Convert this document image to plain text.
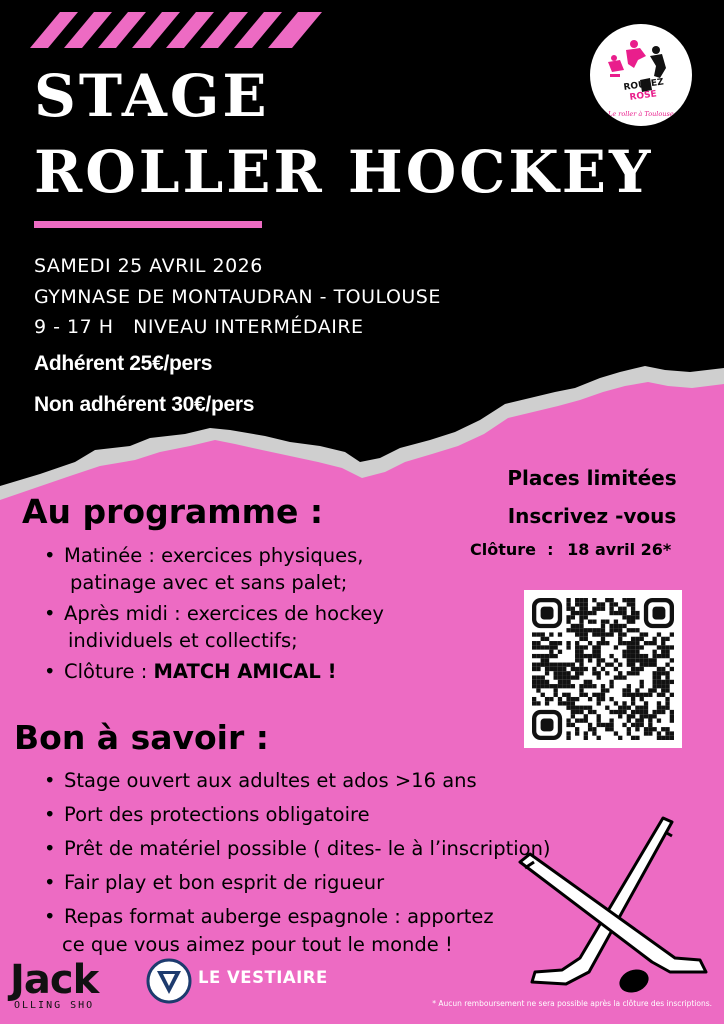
STAGE
ROLLER HOCKEY
ROULEZ
ROSE
Le roller à Toulouse
SAMEDI 25 AVRIL 2026
GYMNASE DE MONTAUDRAN - TOULOUSE
9 - 17 H   NIVEAU INTERMÉDAIRE
Adhérent 25€/pers
Non adhérent 30€/pers
Places limitées
Inscrivez -vous
Clôture  : 18 avril 26*
Au programme :
• Matinée : exercices physiques,
patinage avec et sans palet;
• Après midi : exercices de hockey
individuels et collectifs;
• Clôture : MATCH AMICAL !
Bon à savoir :
• Stage ouvert aux adultes et ados >16 ans
• Port des protections obligatoire
• Prêt de matériel possible ( dites- le à l’inscription)
• Fair play et bon esprit de rigueur
• Repas format auberge espagnole : apportez
ce que vous aimez pour tout le monde !
Jack
OLLING SHO
LE VESTIAIRE
* Aucun remboursement ne sera possible après la clôture des inscriptions.
